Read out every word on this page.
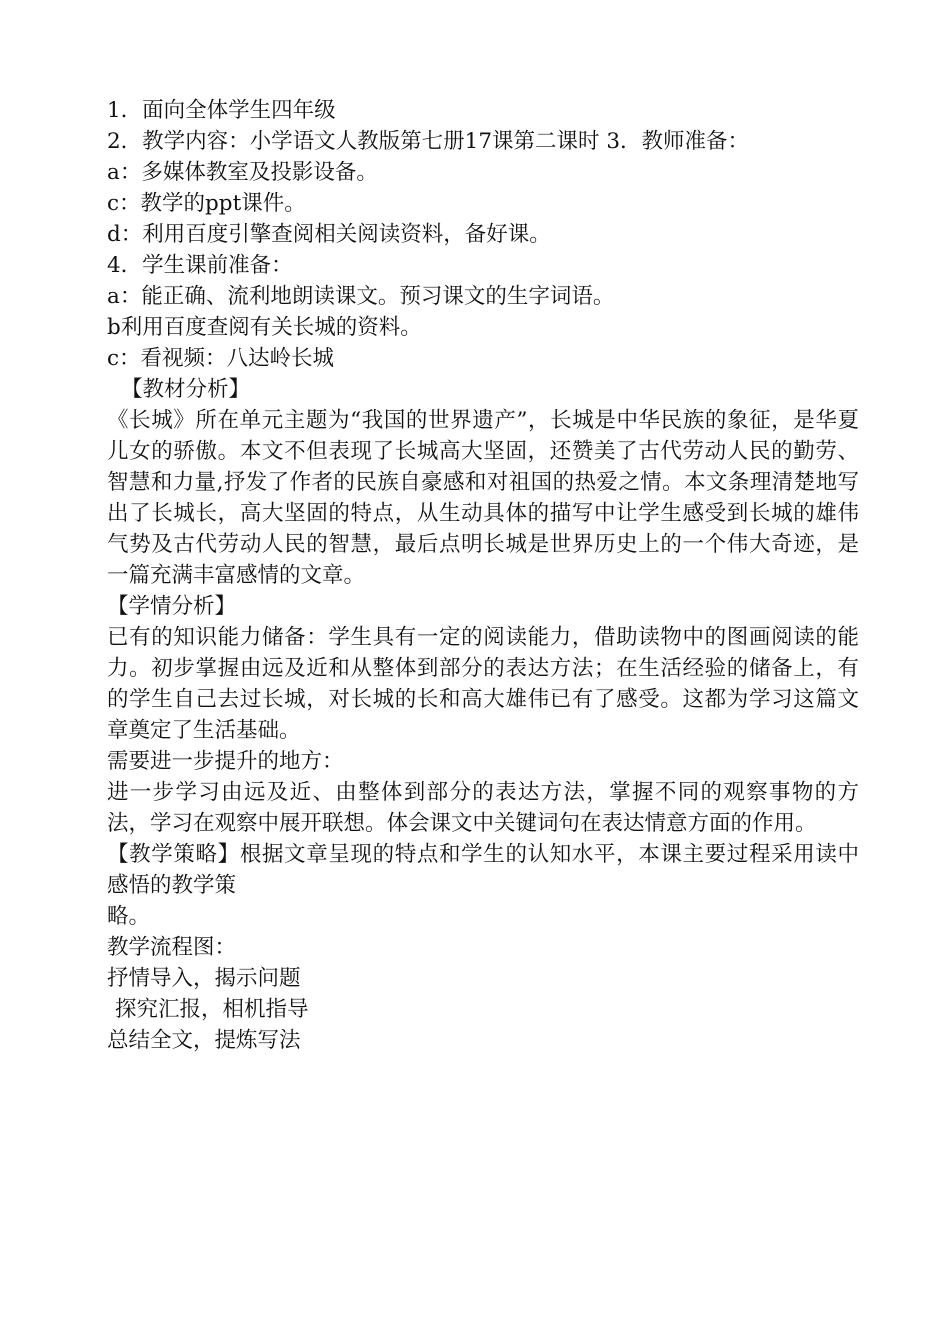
1．面向全体学生四年级
2．教学内容：小学语文人教版第七册17课第二课时 3．教师准备：
a：多媒体教室及投影设备。
c：教学的ppt课件。
d：利用百度引擎查阅相关阅读资料，备好课。
4．学生课前准备：
a：能正确、流利地朗读课文。预习课文的生字词语。
b利用百度查阅有关长城的资料。
c：看视频：八达岭长城
【教材分析】
《长城》所在单元主题为“我国的世界遗产”，长城是中华民族的象征，是华夏儿女的骄傲。本文不但表现了长城高大坚固，还赞美了古代劳动人民的勤劳、智慧和力量,抒发了作者的民族自豪感和对祖国的热爱之情。本文条理清楚地写出了长城长，高大坚固的特点，从生动具体的描写中让学生感受到长城的雄伟气势及古代劳动人民的智慧，最后点明长城是世界历史上的一个伟大奇迹，是一篇充满丰富感情的文章。
【学情分析】
已有的知识能力储备：学生具有一定的阅读能力，借助读物中的图画阅读的能力。初步掌握由远及近和从整体到部分的表达方法；在生活经验的储备上，有的学生自己去过长城，对长城的长和高大雄伟已有了感受。这都为学习这篇文章奠定了生活基础。
需要进一步提升的地方：
进一步学习由远及近、由整体到部分的表达方法，掌握不同的观察事物的方法，学习在观察中展开联想。体会课文中关键词句在表达情意方面的作用。
【教学策略】根据文章呈现的特点和学生的认知水平，本课主要过程采用读中感悟的教学策
略。
教学流程图：
抒情导入，揭示问题
探究汇报，相机指导
总结全文，提炼写法
